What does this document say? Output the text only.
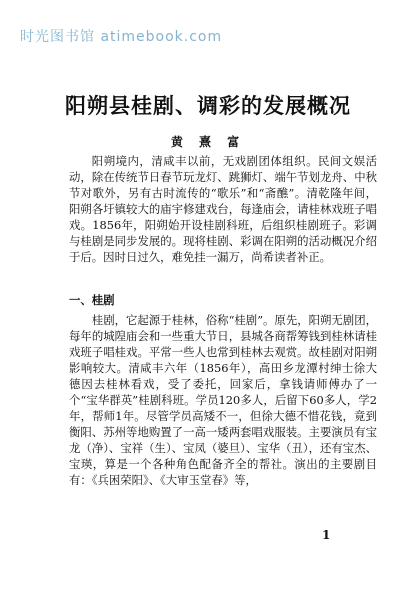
时光图书馆 atimebook.com
阳朔县桂剧、调彩的发展概况
黄 熹 富
阳朔境内，清咸丰以前，无戏剧团体组织。民间文娱活动，除在传统节日春节玩龙灯、跳狮灯、端午节划龙舟、中秋节对歌外，另有古时流传的“歌乐”和“斋醮”。清乾隆年间，阳朔各圩镇较大的庙宇修建戏台，每逢庙会，请桂林戏班子唱戏。1856年，阳朔始开设桂剧科班，后组织桂剧班子。彩调与桂剧是同步发展的。现将桂剧、彩调在阳朔的活动概况介绍于后。因时日过久，难免挂一漏万，尚希读者补正。
一、桂剧
桂剧，它起源于桂林，俗称“桂剧”。原先，阳朔无剧团，每年的城隍庙会和一些重大节日，县城各商帮筹钱到桂林请桂戏班子唱桂戏。平常一些人也常到桂林去观赏。故桂剧对阳朔影响较大。清咸丰六年（1856年），高田乡龙潭村绅士徐大德因去桂林看戏，受了委托，回家后，拿钱请师傅办了一个“宝华群英”桂剧科班。学员120多人，后留下60多人，学2年，帮师1年。尽管学员高矮不一，但徐大德不惜花钱，竟到衡阳、苏州等地购置了一高一矮两套唱戏服装。主要演员有宝龙（净）、宝祥（生）、宝凤（婆旦）、宝华（丑），还有宝杰、宝瑛，算是一个各种角色配备齐全的帮社。演出的主要剧目有：《兵困荣阳》、《大审玉堂春》等，
1
